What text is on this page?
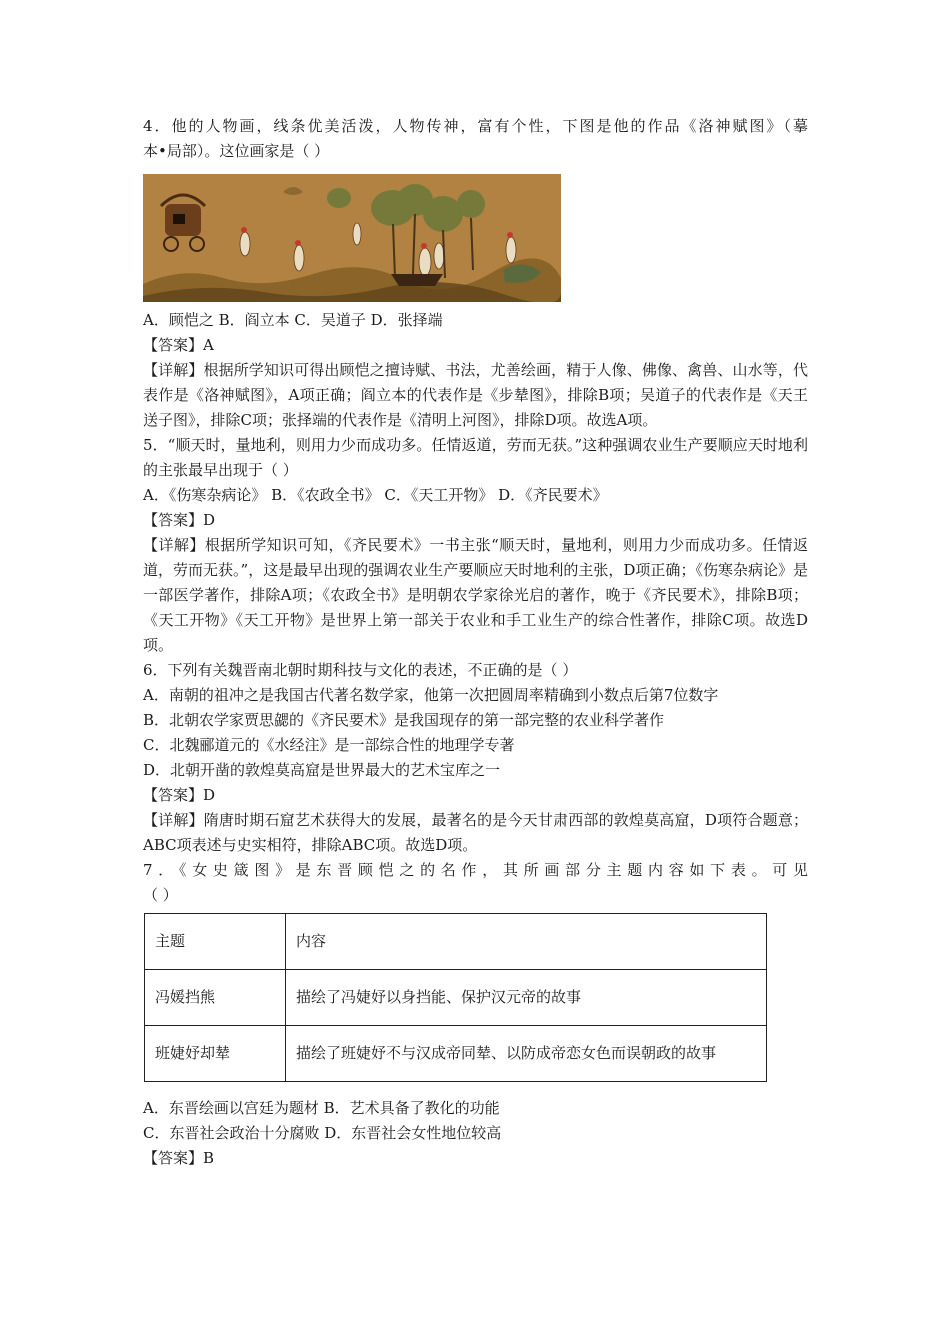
4．他的人物画，线条优美活泼，人物传神，富有个性，下图是他的作品《洛神赋图》（摹

本•局部）。这位画家是（ ）

A．顾恺之 B．阎立本 C．吴道子 D．张择端

【答案】A

【详解】根据所学知识可得出顾恺之擅诗赋、书法，尤善绘画，精于人像、佛像、禽兽、山水等，代表作是《洛神赋图》，A项正确；阎立本的代表作是《步辇图》，排除B项；吴道子的代表作是《天王送子图》，排除C项；张择端的代表作是《清明上河图》，排除D项。故选A项。

5．“顺天时，量地利，则用力少而成功多。任情返道，劳而无获。”这种强调农业生产要顺应天时地利的主张最早出现于（ ）

A．《伤寒杂病论》 B．《农政全书》 C．《天工开物》 D．《齐民要术》

【答案】D

【详解】根据所学知识可知，《齐民要术》一书主张“顺天时，量地利，则用力少而成功多。任情返道，劳而无获。”，这是最早出现的强调农业生产要顺应天时地利的主张，D项正确；《伤寒杂病论》是一部医学著作，排除A项；《农政全书》是明朝农学家徐光启的著作，晚于《齐民要术》，排除B项；《天工开物》《天工开物》是世界上第一部关于农业和手工业生产的综合性著作，排除C项。故选D项。

6．下列有关魏晋南北朝时期科技与文化的表述，不正确的是（ ）

A．南朝的祖冲之是我国古代著名数学家，他第一次把圆周率精确到小数点后第7位数字

B．北朝农学家贾思勰的《齐民要术》是我国现存的第一部完整的农业科学著作

C．北魏郦道元的《水经注》是一部综合性的地理学专著

D．北朝开凿的敦煌莫高窟是世界最大的艺术宝库之一

【答案】D

【详解】隋唐时期石窟艺术获得大的发展，最著名的是今天甘肃西部的敦煌莫高窟，D项符合题意；ABC项表述与史实相符，排除ABC项。故选D项。

7．《女史箴图》是东晋顾恺之的名作，其所画部分主题内容如下表。可见

（ ）

主题	内容
冯媛挡熊	描绘了冯婕妤以身挡能、保护汉元帝的故事
班婕妤却辇	描绘了班婕妤不与汉成帝同辇、以防成帝恋女色而误朝政的故事

A．东晋绘画以宫廷为题材 B．艺术具备了教化的功能

C．东晋社会政治十分腐败 D．东晋社会女性地位较高

【答案】B
